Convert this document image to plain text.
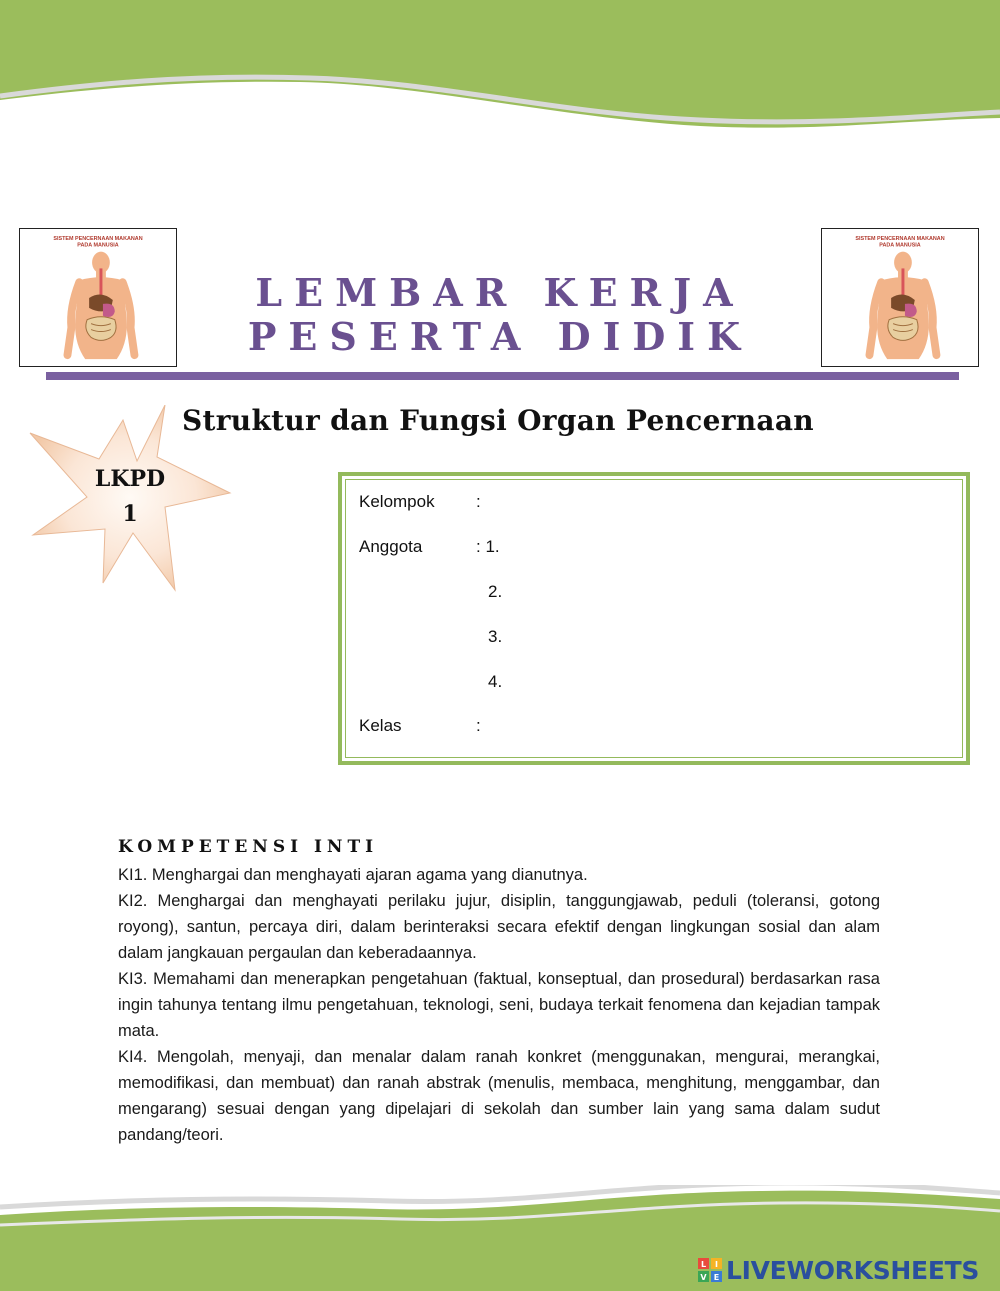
SISTEM PENCERNAAN MAKANAN
PADA MANUSIA
SISTEM PENCERNAAN MAKANAN
PADA MANUSIA
LEMBAR KERJA
PESERTA DIDIK
LKPD
1
Struktur dan Fungsi Organ Pencernaan
Kelompok :
Anggota	: 1.
2.
3.
4.
Kelas	:
KOMPETENSI INTI

KI1. Menghargai dan menghayati ajaran agama yang dianutnya.

KI2. Menghargai dan menghayati perilaku jujur, disiplin, tanggungjawab, peduli (toleransi, gotong royong), santun, percaya diri, dalam berinteraksi secara efektif dengan lingkungan sosial dan alam dalam jangkauan pergaulan dan keberadaannya.

KI3. Memahami dan menerapkan pengetahuan (faktual, konseptual, dan prosedural) berdasarkan rasa ingin tahunya tentang ilmu pengetahuan, teknologi, seni, budaya terkait fenomena dan kejadian tampak mata.

KI4. Mengolah, menyaji, dan menalar dalam ranah konkret (menggunakan, mengurai, merangkai, memodifikasi, dan membuat) dan ranah abstrak (menulis, membaca, menghitung, menggambar, dan mengarang) sesuai dengan yang dipelajari di sekolah dan sumber lain yang sama dalam sudut pandang/teori.

L I
V E LIVEWORKSHEETS
